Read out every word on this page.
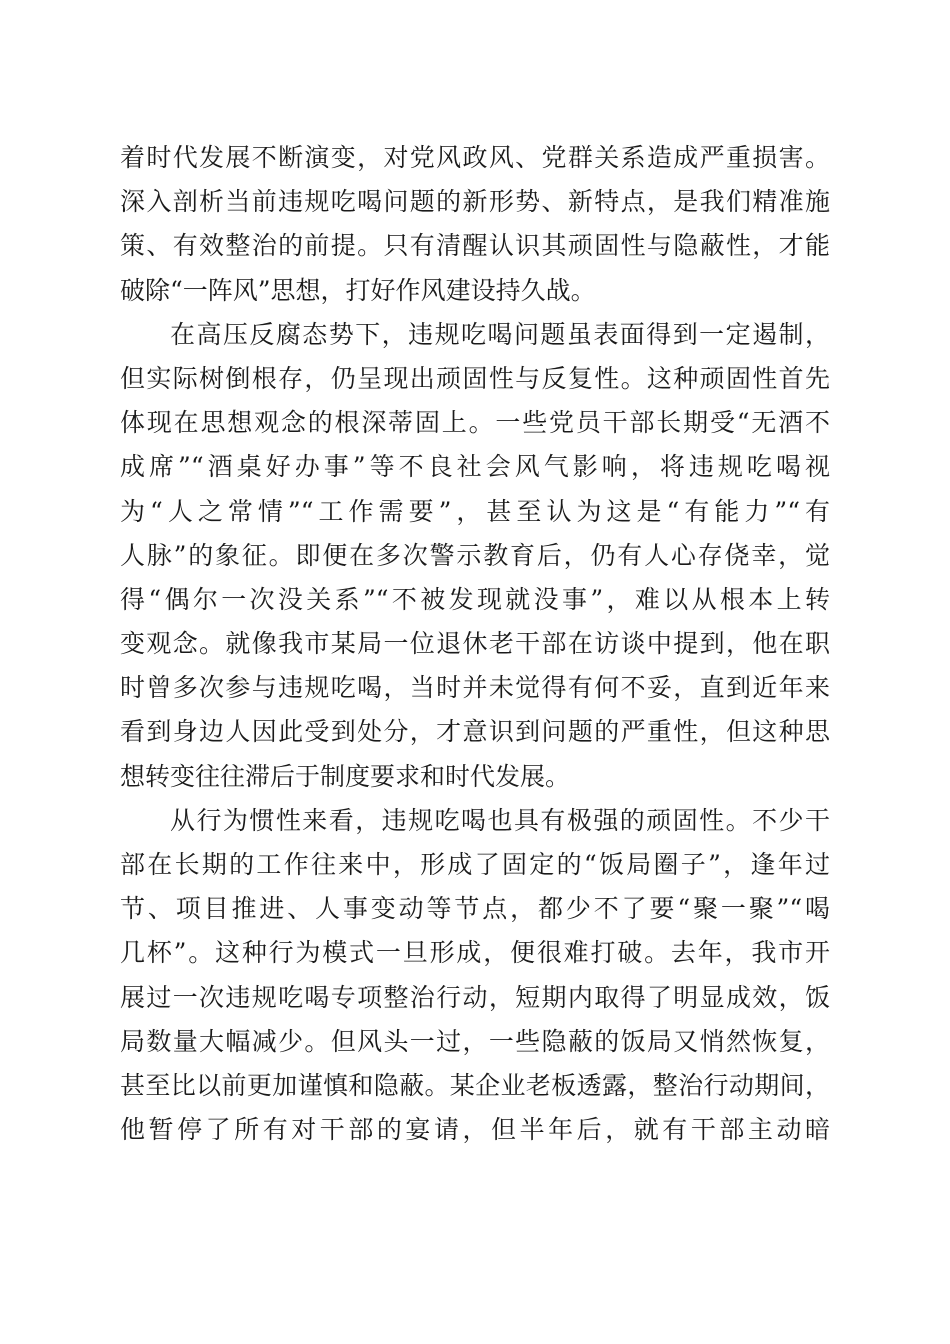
着时代发展不断演变，对党风政风、党群关系造成严重损害。
深入剖析当前违规吃喝问题的新形势、新特点，是我们精准施
策、有效整治的前提。只有清醒认识其顽固性与隐蔽性，才能
破除“一阵风”思想，打好作风建设持久战。
在高压反腐态势下，违规吃喝问题虽表面得到一定遏制，
但实际树倒根存，仍呈现出顽固性与反复性。这种顽固性首先
体现在思想观念的根深蒂固上。一些党员干部长期受“无酒不
成席”“酒桌好办事”等不良社会风气影响，将违规吃喝视
为“人之常情”“工作需要”，甚至认为这是“有能力”“有
人脉”的象征。即便在多次警示教育后，仍有人心存侥幸，觉
得“偶尔一次没关系”“不被发现就没事”，难以从根本上转
变观念。就像我市某局一位退休老干部在访谈中提到，他在职
时曾多次参与违规吃喝，当时并未觉得有何不妥，直到近年来
看到身边人因此受到处分，才意识到问题的严重性，但这种思
想转变往往滞后于制度要求和时代发展。
从行为惯性来看，违规吃喝也具有极强的顽固性。不少干
部在长期的工作往来中，形成了固定的“饭局圈子”，逢年过
节、项目推进、人事变动等节点，都少不了要“聚一聚”“喝
几杯”。这种行为模式一旦形成，便很难打破。去年，我市开
展过一次违规吃喝专项整治行动，短期内取得了明显成效，饭
局数量大幅减少。但风头一过，一些隐蔽的饭局又悄然恢复，
甚至比以前更加谨慎和隐蔽。某企业老板透露，整治行动期间，
他暂停了所有对干部的宴请，但半年后，就有干部主动暗
